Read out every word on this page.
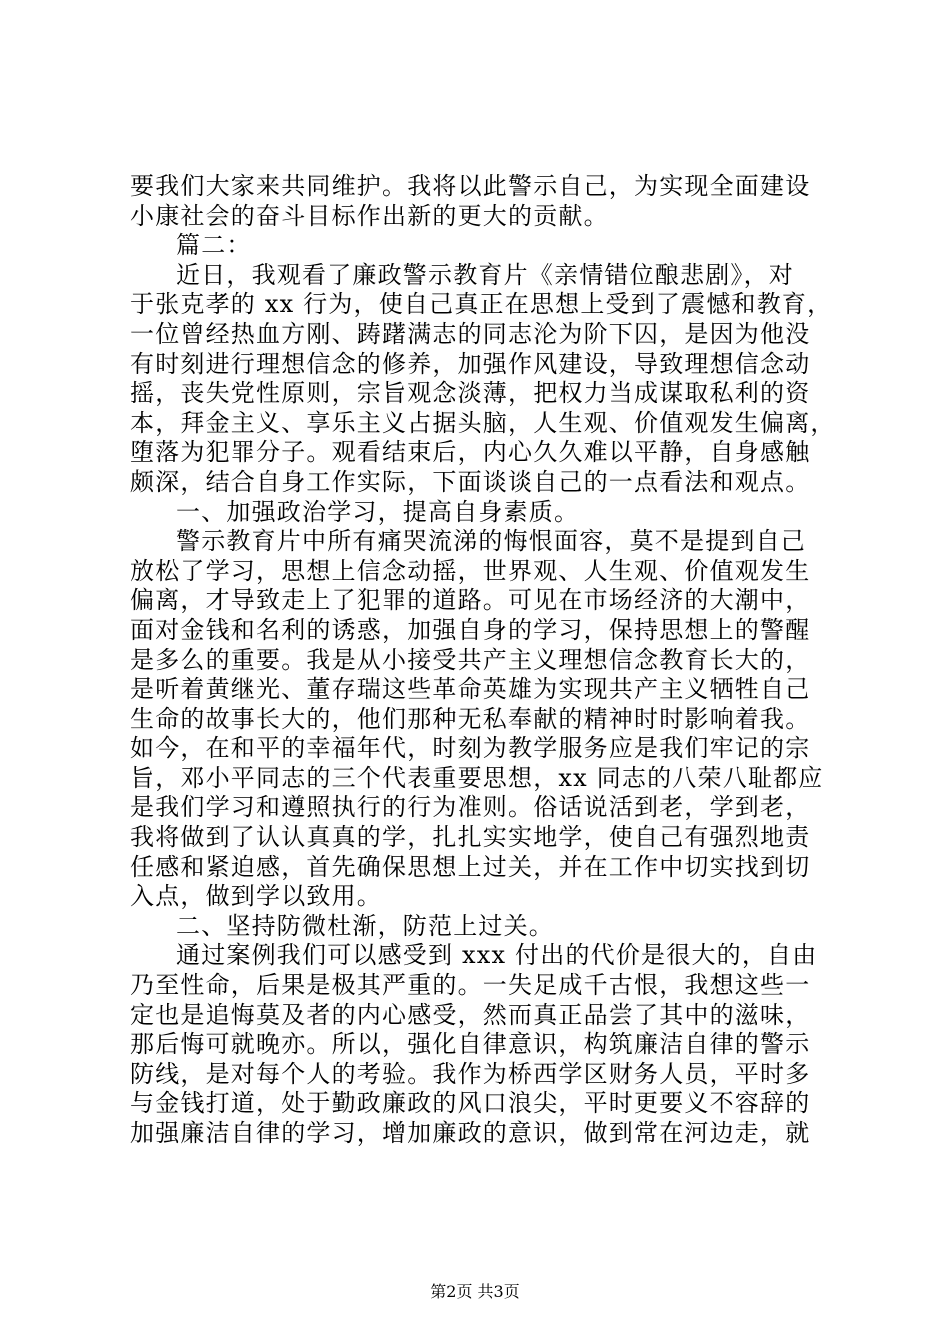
要我们大家来共同维护。我将以此警示自己，为实现全面建设
小康社会的奋斗目标作出新的更大的贡献。
篇二：
近日，我观看了廉政警示教育片《亲情错位酿悲剧》，对
于张克孝的 xx 行为，使自己真正在思想上受到了震憾和教育，
一位曾经热血方刚、踌躇满志的同志沦为阶下囚，是因为他没
有时刻进行理想信念的修养，加强作风建设，导致理想信念动
摇，丧失党性原则，宗旨观念淡薄，把权力当成谋取私利的资
本，拜金主义、享乐主义占据头脑，人生观、价值观发生偏离，
堕落为犯罪分子。观看结束后，内心久久难以平静，自身感触
颇深，结合自身工作实际，下面谈谈自己的一点看法和观点。
一、加强政治学习，提高自身素质。
警示教育片中所有痛哭流涕的悔恨面容，莫不是提到自己
放松了学习，思想上信念动摇，世界观、人生观、价值观发生
偏离，才导致走上了犯罪的道路。可见在市场经济的大潮中，
面对金钱和名利的诱惑，加强自身的学习，保持思想上的警醒
是多么的重要。我是从小接受共产主义理想信念教育长大的，
是听着黄继光、董存瑞这些革命英雄为实现共产主义牺牲自己
生命的故事长大的，他们那种无私奉献的精神时时影响着我。
如今，在和平的幸福年代，时刻为教学服务应是我们牢记的宗
旨，邓小平同志的三个代表重要思想，xx 同志的八荣八耻都应
是我们学习和遵照执行的行为准则。俗话说活到老，学到老，
我将做到了认认真真的学，扎扎实实地学，使自己有强烈地责
任感和紧迫感，首先确保思想上过关，并在工作中切实找到切
入点，做到学以致用。
二、坚持防微杜渐，防范上过关。
通过案例我们可以感受到 xxx 付出的代价是很大的，自由
乃至性命，后果是极其严重的。一失足成千古恨，我想这些一
定也是追悔莫及者的内心感受，然而真正品尝了其中的滋味，
那后悔可就晚亦。所以，强化自律意识，构筑廉洁自律的警示
防线，是对每个人的考验。我作为桥西学区财务人员，平时多
与金钱打道，处于勤政廉政的风口浪尖，平时更要义不容辞的
加强廉洁自律的学习，增加廉政的意识，做到常在河边走，就
第2页 共3页
